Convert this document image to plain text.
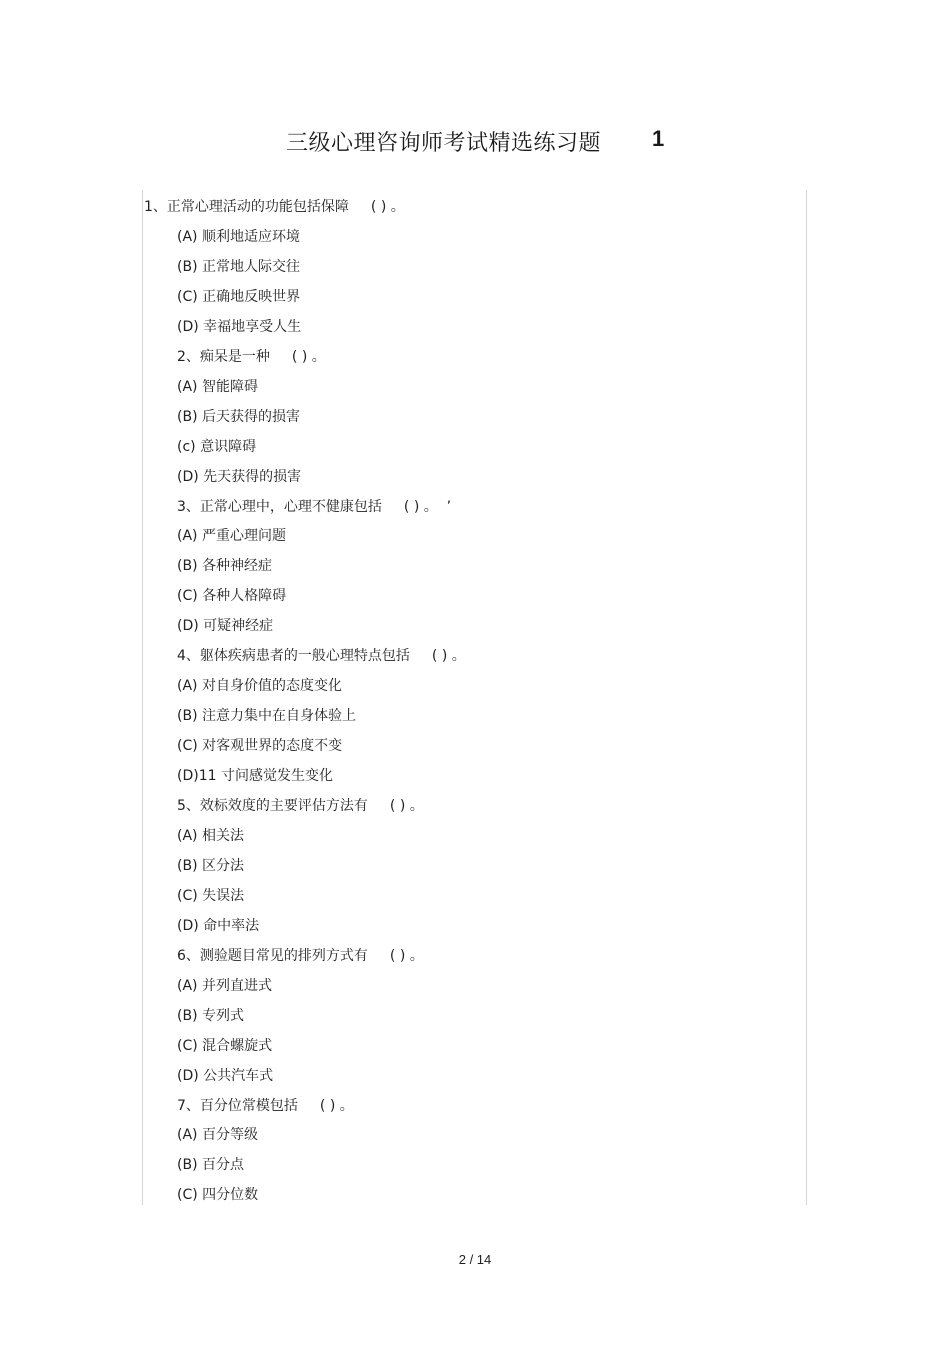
三级心理咨询师考试精选练习题 1
1、正常心理活动的功能包括保障 ( ) 。
(A) 顺利地适应环境
(B) 正常地人际交往
(C) 正确地反映世界
(D) 幸福地享受人生
2、痴呆是一种 ( ) 。
(A) 智能障碍
(B) 后天获得的损害
(c) 意识障碍
(D) 先天获得的损害
3、正常心理中，心理不健康包括 ( ) 。  ’
(A) 严重心理问题
(B) 各种神经症
(C) 各种人格障碍
(D) 可疑神经症
4、躯体疾病患者的一般心理特点包括 ( ) 。
(A) 对自身价值的态度变化
(B) 注意力集中在自身体验上
(C) 对客观世界的态度不变
(D)11 寸问感觉发生变化
5、效标效度的主要评估方法有 ( ) 。
(A) 相关法
(B) 区分法
(C) 失误法
(D) 命中率法
6、测验题目常见的排列方式有 ( ) 。
(A) 并列直进式
(B) 专列式
(C) 混合螺旋式
(D) 公共汽车式
7、百分位常模包括 ( ) 。
(A) 百分等级
(B) 百分点
(C) 四分位数
2 / 14
